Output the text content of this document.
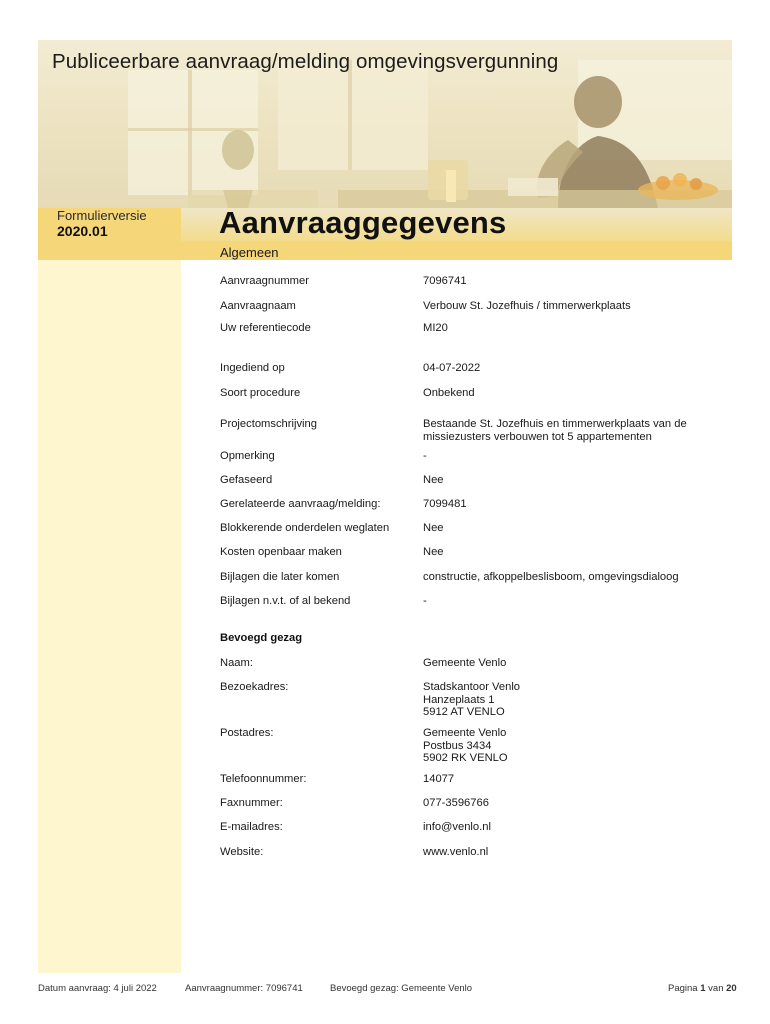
Publiceerbare aanvraag/melding omgevingsvergunning
Formulierversie
2020.01	Aanvraaggegevens
Algemeen
Aanvraagnummer	7096741
Aanvraagnaam	Verbouw St. Jozefhuis / timmerwerkplaats
Uw referentiecode	MI20
Ingediend op	04-07-2022
Soort procedure	Onbekend
Projectomschrijving	Bestaande St. Jozefhuis en timmerwerkplaats van de missiezusters verbouwen tot 5 appartementen
Opmerking	-
Gefaseerd	Nee
Gerelateerde aanvraag/melding:	7099481
Blokkerende onderdelen weglaten	Nee
Kosten openbaar maken	Nee
Bijlagen die later komen	constructie, afkoppelbeslisboom, omgevingsdialoog
Bijlagen n.v.t. of al bekend	-
Bevoegd gezag
Naam:	Gemeente Venlo
Bezoekadres:	Stadskantoor Venlo
Hanzeplaats 1
5912 AT VENLO
Postadres:	Gemeente Venlo
Postbus 3434
5902 RK VENLO
Telefoonnummer:	14077
Faxnummer:	077-3596766
E-mailadres:	info@venlo.nl
Website:	www.venlo.nl
Datum aanvraag: 4 juli 2022	Aanvraagnummer: 7096741	Bevoegd gezag: Gemeente Venlo	Pagina 1 van 20
